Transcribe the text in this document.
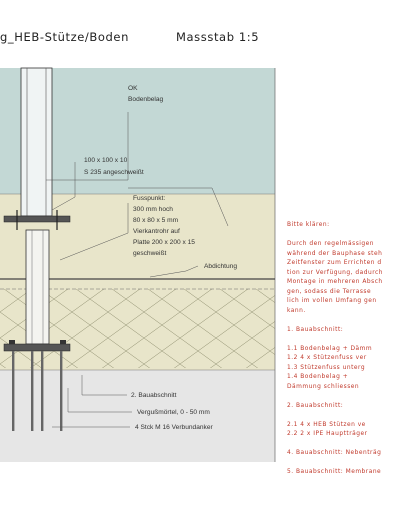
g_HEB-Stütze/Boden	Massstab 1:5
OK
Bodenbelag
100 x 100 x 10
S 235 angeschweißt
Fusspunkt:
300 mm hoch
80 x 80 x 5 mm
Vierkantrohr auf
Platte 200 x 200 x 15
geschweißt
Abdichtung
2. Bauabschnitt
Vergußmörtel, 0 - 50 mm
4 Stck M 16 Verbundanker
Bitte klären:

Durch den regelmässigen
während der Bauphase steh
Zeitfenster zum Errichten d
tion zur Verfügung, dadurch
Montage in mehreren Absch
gen, sodass die Terrasse
lich im vollen Umfang gen
kann.

1. Bauabschnitt:

1.1 Bodenbelag + Dämm
1.2 4 x Stützenfuss ver
1.3 Stützenfuss unterg
1.4 Bodenbelag +
Dämmung schliessen

2. Bauabschnitt:

2.1 4 x HEB Stützen ve
2.2 2 x IPE Hauptträger

4. Bauabschnitt: Nebenträg

5. Bauabschnitt: Membrane
